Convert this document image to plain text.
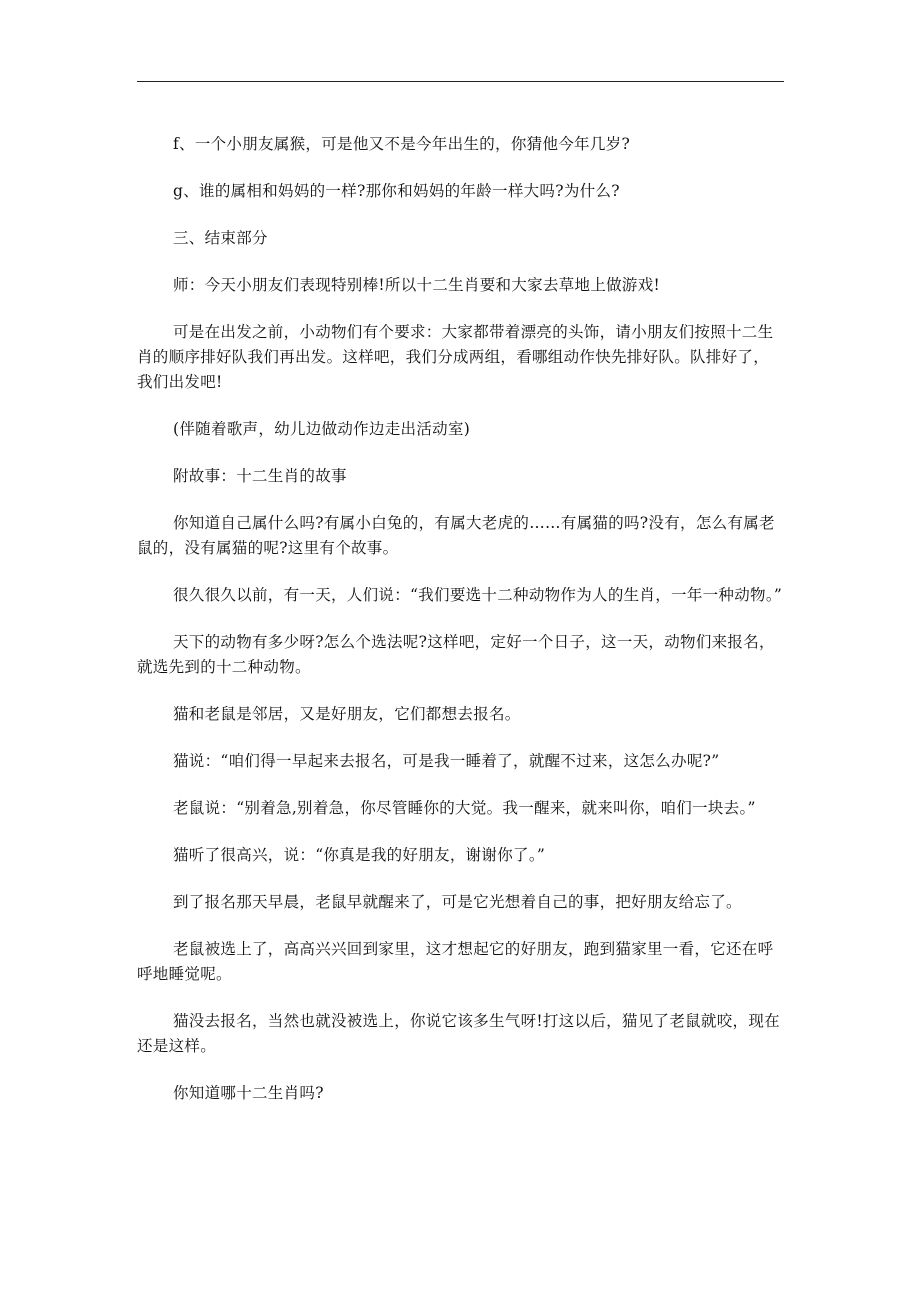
f、一个小朋友属猴，可是他又不是今年出生的，你猜他今年几岁?

g、谁的属相和妈妈的一样?那你和妈妈的年龄一样大吗?为什么?

三、结束部分

师：今天小朋友们表现特别棒!所以十二生肖要和大家去草地上做游戏!

可是在出发之前，小动物们有个要求：大家都带着漂亮的头饰，请小朋友们按照十二生肖的顺序排好队我们再出发。这样吧，我们分成两组，看哪组动作快先排好队。队排好了，我们出发吧!

(伴随着歌声，幼儿边做动作边走出活动室)

附故事：十二生肖的故事

你知道自己属什么吗?有属小白兔的，有属大老虎的……有属猫的吗?没有，怎么有属老鼠的，没有属猫的呢?这里有个故事。

很久很久以前，有一天，人们说：“我们要选十二种动物作为人的生肖，一年一种动物。”

天下的动物有多少呀?怎么个选法呢?这样吧，定好一个日子，这一天，动物们来报名，就选先到的十二种动物。

猫和老鼠是邻居，又是好朋友，它们都想去报名。

猫说：“咱们得一早起来去报名，可是我一睡着了，就醒不过来，这怎么办呢?”

老鼠说：“别着急,别着急，你尽管睡你的大觉。我一醒来，就来叫你，咱们一块去。”

猫听了很高兴，说：“你真是我的好朋友，谢谢你了。”

到了报名那天早晨，老鼠早就醒来了，可是它光想着自己的事，把好朋友给忘了。

老鼠被选上了，高高兴兴回到家里，这才想起它的好朋友，跑到猫家里一看，它还在呼呼地睡觉呢。

猫没去报名，当然也就没被选上，你说它该多生气呀!打这以后，猫见了老鼠就咬，现在还是这样。

你知道哪十二生肖吗?
